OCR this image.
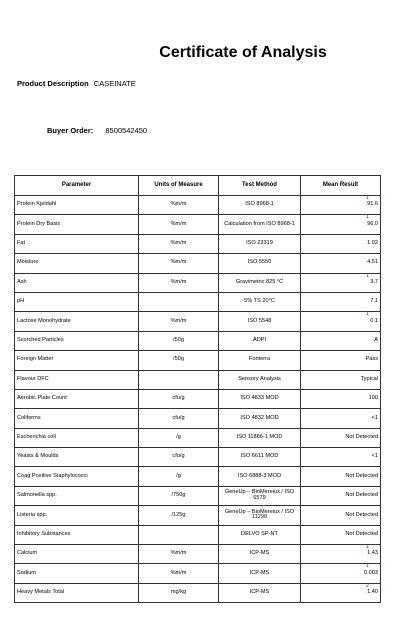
Certificate of Analysis
Product Description CASEINATE
Buyer Order: 8500542450
Parameter	Units of Measure	Test Method	Mean Result
Protein Kjeldahl	%m/m	ISO 8968-1	91.6
1

Protein Dry Basis	%m/m	Calculation from ISO 8968-1	96.0
1

Fat	%m/m	ISO 23319	1.02
Moisture	%m/m	ISO 5550	4.51
Ash	%m/m	Gravimetric 825 °C	3.7
1

pH		5% TS 20°C	7.1
Lactose Monohydrate	%m/m	ISO 5548	0.1
1

Scorched Particles	/50g	ADPI	A
Foreign Matter	/50g	Fonterra	Pass
Flavour DFC		Sensory Analysis	Typical
Aerobic Plate Count	cfu/g	ISO 4833 MOD	100
Coliforms	cfu/g	ISO 4832 MOD	<1
Escherichia coli	/g	ISO 11866-1 MOD	Not Detected
Yeasts & Moulds	cfu/g	ISO 6611 MOD	<1
Coag Positive Staphylococci	/g	ISO 6888-3 MOD	Not Detected
Salmonella spp.	/750g	GeneUp – BioMereiux / ISO 6579	Not Detected
Listeria spp.	/125g	GeneUp – BioMereiux / ISO 11290	Not Detected
Inhibitory Substances		DELVO SP-NT	Not Detected
Calcium	%m/m	ICP-MS	1.43
1

Sodium	%m/m	ICP-MS	0.003
1

Heavy Metals Total	mg/kg	ICP-MS	1.40
2
